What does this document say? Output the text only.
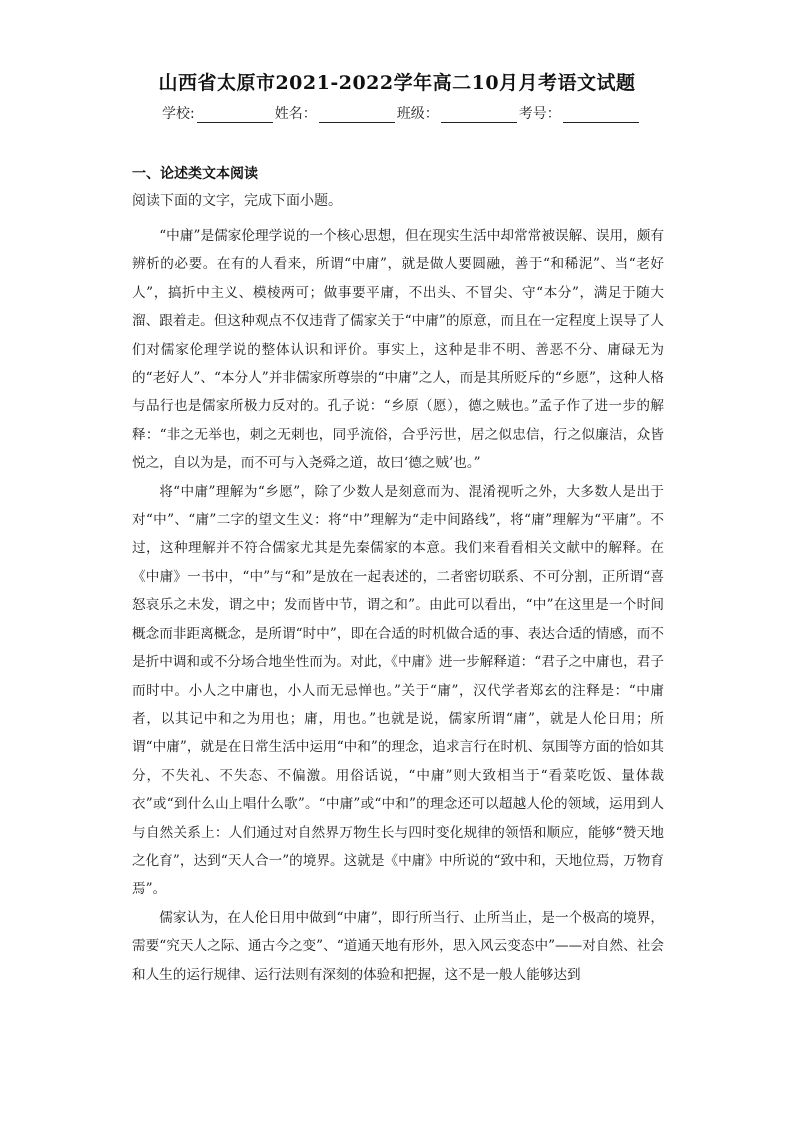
山西省太原市2021-2022学年高二10月月考语文试题
学校:	姓名：	班级：	考号：
一、论述类文本阅读
阅读下面的文字，完成下面小题。

“中庸”是儒家伦理学说的一个核心思想，但在现实生活中却常常被误解、误用，颇有辨析的必要。在有的人看来，所谓“中庸”，就是做人要圆融，善于“和稀泥”、当“老好人”，搞折中主义、模棱两可；做事要平庸，不出头、不冒尖、守“本分”，满足于随大溜、跟着走。但这种观点不仅违背了儒家关于“中庸”的原意，而且在一定程度上误导了人们对儒家伦理学说的整体认识和评价。事实上，这种是非不明、善恶不分、庸碌无为的“老好人”、“本分人”并非儒家所尊崇的“中庸”之人，而是其所贬斥的“乡愿”，这种人格与品行也是儒家所极力反对的。孔子说：“乡原（愿），德之贼也。”孟子作了进一步的解释：“非之无举也，刺之无刺也，同乎流俗，合乎污世，居之似忠信，行之似廉洁，众皆悦之，自以为是，而不可与入尧舜之道，故曰‘德之贼’也。”

将“中庸”理解为“乡愿”，除了少数人是刻意而为、混淆视听之外，大多数人是出于对“中”、“庸”二字的望文生义：将“中”理解为“走中间路线”，将“庸”理解为“平庸”。不过，这种理解并不符合儒家尤其是先秦儒家的本意。我们来看看相关文献中的解释。在《中庸》一书中，“中”与“和”是放在一起表述的，二者密切联系、不可分割，正所谓“喜怒哀乐之未发，谓之中；发而皆中节，谓之和”。由此可以看出，“中”在这里是一个时间概念而非距离概念，是所谓“时中”，即在合适的时机做合适的事、表达合适的情感，而不是折中调和或不分场合地坐性而为。对此，《中庸》进一步解释道：“君子之中庸也，君子而时中。小人之中庸也，小人而无忌惮也。”关于“庸”，汉代学者郑玄的注释是：“中庸者，以其记中和之为用也；庸，用也。”也就是说，儒家所谓“庸”，就是人伦日用；所谓“中庸”，就是在日常生活中运用“中和”的理念，追求言行在时机、氛围等方面的恰如其分，不失礼、不失态、不偏激。用俗话说，“中庸”则大致相当于“看菜吃饭、量体裁衣”或“到什么山上唱什么歌”。“中庸”或“中和”的理念还可以超越人伦的领域，运用到人与自然关系上：人们通过对自然界万物生长与四时变化规律的领悟和顺应，能够“赞天地之化育”，达到“天人合一”的境界。这就是《中庸》中所说的“致中和，天地位焉，万物育焉”。

儒家认为，在人伦日用中做到“中庸”，即行所当行、止所当止，是一个极高的境界，需要“究天人之际、通古今之变”、“道通天地有形外，思入风云变态中”——对自然、社会和人生的运行规律、运行法则有深刻的体验和把握，这不是一般人能够达到
